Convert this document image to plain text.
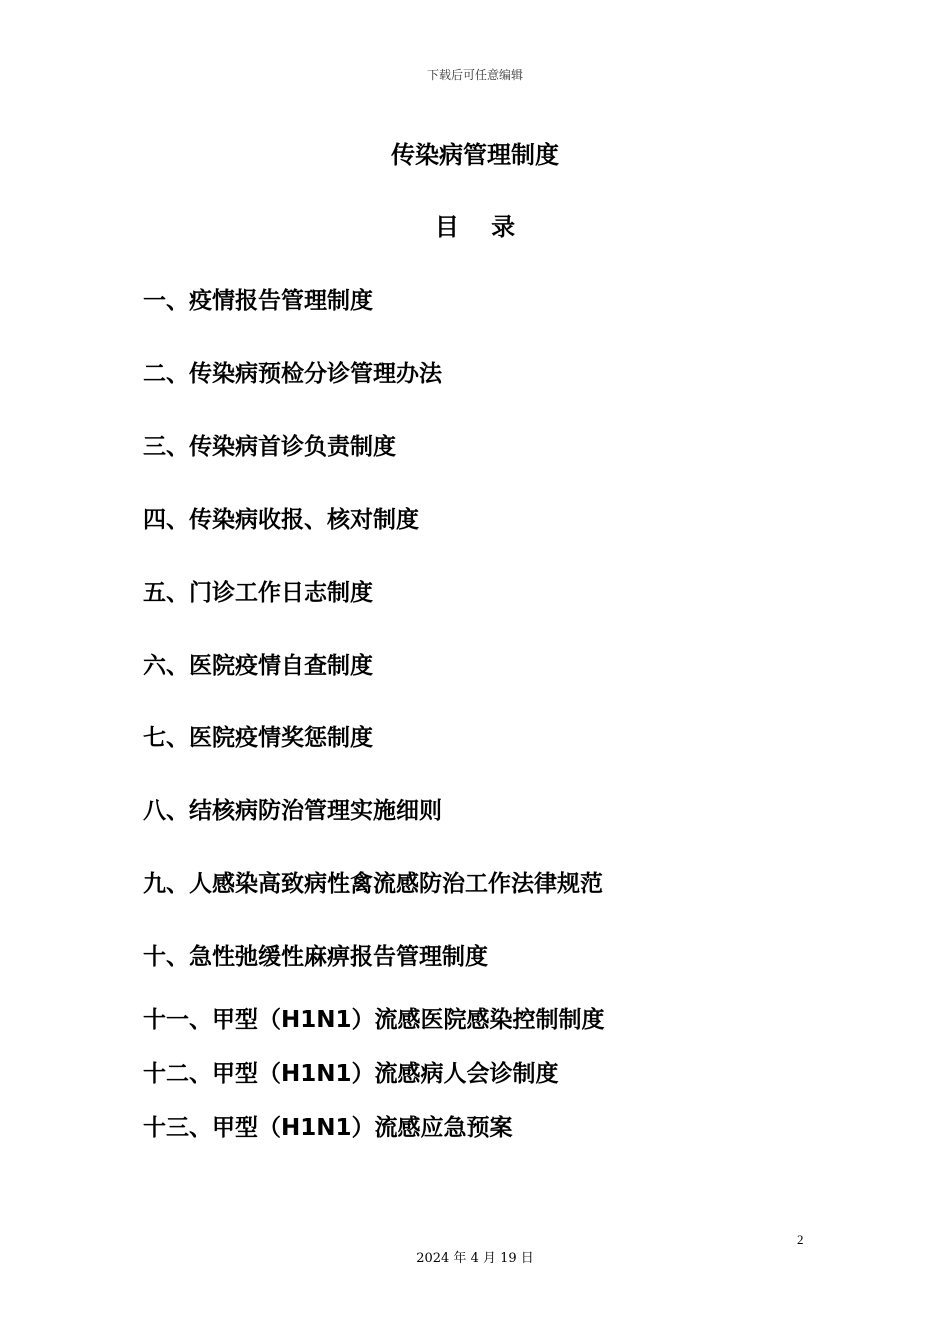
下载后可任意编辑
传染病管理制度
目 录
一、疫情报告管理制度
二、传染病预检分诊管理办法
三、传染病首诊负责制度
四、传染病收报、核对制度
五、门诊工作日志制度
六、医院疫情自查制度
七、医院疫情奖惩制度
八、结核病防治管理实施细则
九、人感染高致病性禽流感防治工作法律规范
十、急性弛缓性麻痹报告管理制度
十一、甲型（H1N1）流感医院感染控制制度
十二、甲型（H1N1）流感病人会诊制度
十三、甲型（H1N1）流感应急预案
2
2024 年 4 月 19 日
